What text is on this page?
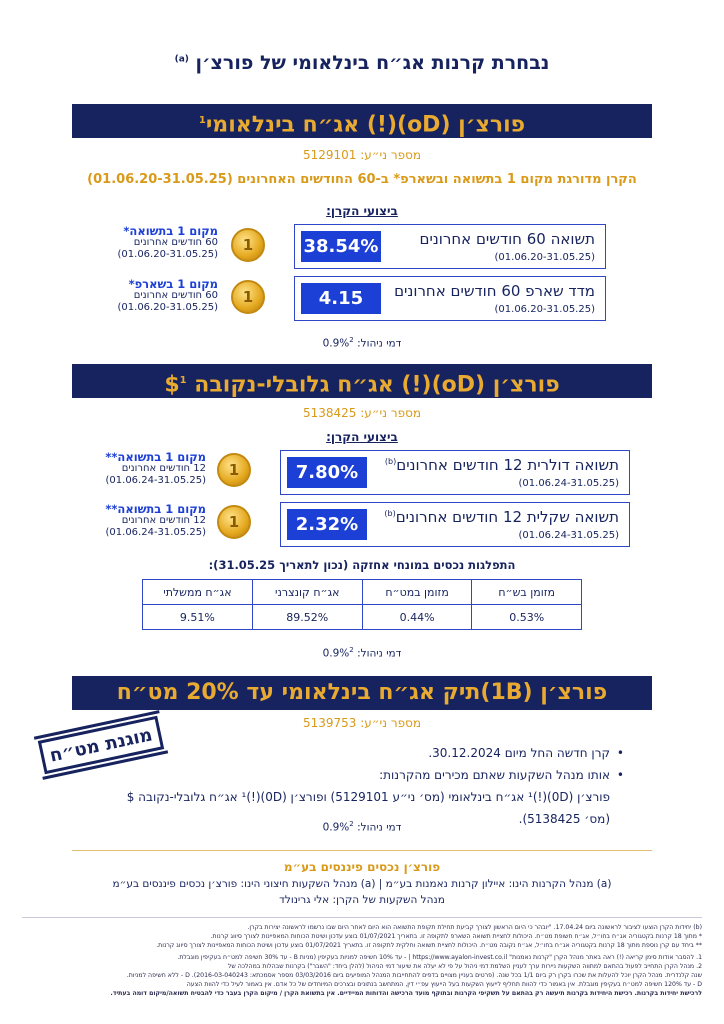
נבחרת קרנות אג״ח בינלאומי של פורצ׳ן $^{(a)}$
פורצ׳ן (oD)(!) אג״ח בינלאומי$^1$
מספר ני״ע: 5129101
הקרן מדורגת מקום 1 בתשואה ובשארפ* ב-60 החודשים האחרונים (01.06.20-31.05.25)
ביצועי הקרן:
38.54%	תשואה 60 חודשים אחרונים
(01.06.20-31.05.25)
4.15	מדד שארפ 60 חודשים אחרונים
(01.06.20-31.05.25)
1
1
מקום 1 בתשואה*
60 חודשים אחרונים
(01.06.20-31.05.25)
מקום 1 בשארפ*
60 חודשים אחרונים
(01.06.20-31.05.25)
דמי ניהול: 0.9%$^2$
פורצ׳ן (oD)(!) אג״ח גלובלי-נקובה \$$^1$
מספר ני״ע: 5138425
ביצועי הקרן:
7.80%	תשואה דולרית 12 חודשים אחרונים$^{(b)}$
(01.06.24-31.05.25)
2.32%	תשואה שקלית 12 חודשים אחרונים$^{(b)}$
(01.06.24-31.05.25)
1
1
מקום 1 בתשואה**
12 חודשים אחרונים
(01.06.24-31.05.25)
מקום 1 בתשואה**
12 חודשים אחרונים
(01.06.24-31.05.25)
התפלגות נכסים במונחי אחזקה (נכון לתאריך 31.05.25):
מזומן בש״ח	מזומן במט״ח	אג״ח קונצרני	אג״ח ממשלתי
0.53%	0.44%	89.52%	9.51%
דמי ניהול: 0.9%$^2$
פורצ׳ן (1B)תיק אג״ח בינלאומי עד 20% מט״ח
מספר ני״ע: 5139753
מוגנת מט״ח	• קרן חדשה החל מיום 30.12.2024.
• אותו מנהל השקעות שאתם מכירים מהקרנות:
פורצ׳ן (0D)(!)¹ אג״ח בינלאומי (מס׳ ני״ע 5129101) ופורצ׳ן (0D)(!)¹ אג״ח גלובלי-נקובה $ (מס׳ 5138425).
דמי ניהול: 0.9%$^2$
פורצ׳ן נכסים פיננסים בע״מ
(a) מנהל הקרנות הינו: איילון קרנות נאמנות בע״מ | (a) מנהל השקעות חיצוני הינו: פורצ׳ן נכסים פיננסים בע״מ
מנהל השקעות של הקרן: אלי גרינולד
(b) יחידות הקרן הוצעו לציבור לראשונה ביום 17.04.24. "יובהר כי היום הראשון לצורך קביעת תחילת תקופת התשואה הוא היום לאחר היום שבו נרשמו לראשונה יצירות בקרן.
* מתוך 18 קרנות בקטגוריה אג״ח בחו״ל, אג״ח חשופת מט״ח. היכולות לחציית תשואה השארפ לתקופה זו. בתאריך 01/07/2021 בוצע עדכון ושיטת הכוחות המאפיינות לצורך סיווג קרנות.
** ביחד עם קרן נוספת מתוך 18 קרנות בקטגוריה אג״ח בחו״ל, אג״ח נקובה מט״ח. היכולות לחציית תשואה וחלקית לתקופה זו. בתאריך 01/07/2021 בוצע עדכון ושיטת הכוחות המאפיינות לצורך סיווג קרנות.
1. להסבר אודות סימן קריאה (!) ראה באתר מנהל הקרן "קרנות נאמנות" https://www.ayalon-invest.co.il | - עד 10% חשיפה למניות בעקיפין (מניות B - עד 30% חשיפה למט״ח בעקיפין מוגבלת.
2. מנהל הקרן התחייב לפעול בהתאם למתווה השקעות ניירות ערך לעניין השלמת דמי ניהול על פי לא יעלה את שיעור דמי הניהול (להלן ביחד: "השבר") בקרנות שבהלות במהלכה של
שנה קלנדרית. מנהל הקרן יוכל להעלות את שכרו בקרן רק ביום 1/1 בכל שנה. (פרטים בעניין מצויים בדפים להתחייבות המנהל המופיעים ביום 03/03/2016 מספר אסמכתא: 2016-03-040243). D - ללא חשיפה למניות.
D - עד 120% חשיפה למט״ח בעקיפין מוגבלת. אין באמור כדי להוות תחליף לייעוץ השקעות בעל הייעוץ עפ״י דין, המתחשב בנתונים ובצרכים המיוחדים של כל אדם. אין באמור לעיל כדי להוות הצעה
לרכישת יחידות בקרנות. רכישת היחידות בקרנות תיעשה רק בהתאם על תשקיפי הקרנות ובתוקף מועד הרכישה והדוחות המיידיים. אין בתשואת הקרן / מיקום הקרן בעבר כדי להבטיח תשואה/מיקום דומה בעתיד.
